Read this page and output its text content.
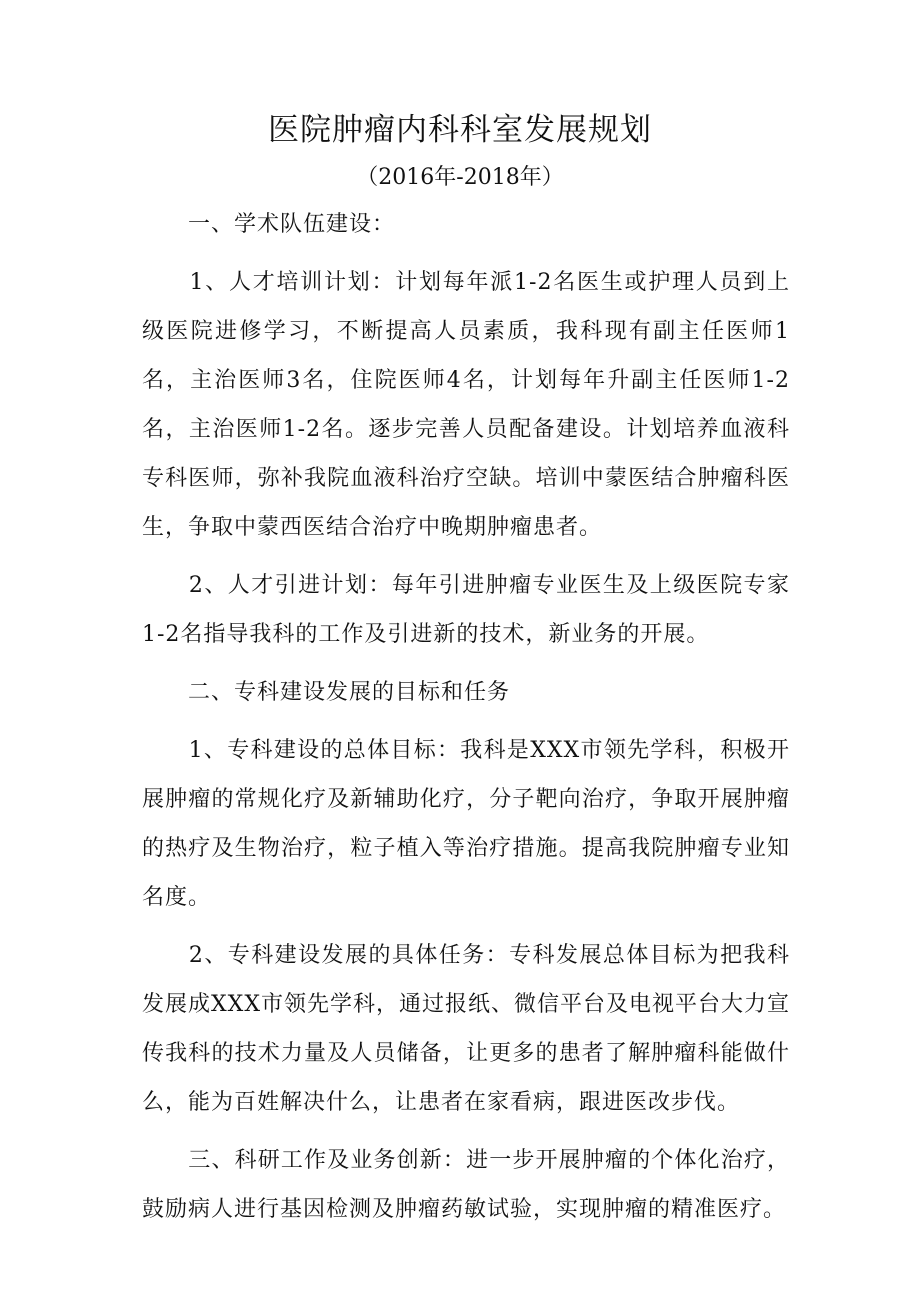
医院肿瘤内科科室发展规划
（2016年-2018年）

　　一、学术队伍建设：

　　1、人才培训计划：计划每年派1-2名医生或护理人员到上级医院进修学习，不断提高人员素质，我科现有副主任医师1名，主治医师3名，住院医师4名，计划每年升副主任医师1-2名，主治医师1-2名。逐步完善人员配备建设。计划培养血液科专科医师，弥补我院血液科治疗空缺。培训中蒙医结合肿瘤科医生，争取中蒙西医结合治疗中晚期肿瘤患者。

　　2、人才引进计划：每年引进肿瘤专业医生及上级医院专家1-2名指导我科的工作及引进新的技术，新业务的开展。

　　二、专科建设发展的目标和任务

　　1、专科建设的总体目标：我科是XXX市领先学科，积极开展肿瘤的常规化疗及新辅助化疗，分子靶向治疗，争取开展肿瘤的热疗及生物治疗，粒子植入等治疗措施。提高我院肿瘤专业知名度。

　　2、专科建设发展的具体任务：专科发展总体目标为把我科发展成XXX市领先学科，通过报纸、微信平台及电视平台大力宣传我科的技术力量及人员储备，让更多的患者了解肿瘤科能做什么，能为百姓解决什么，让患者在家看病，跟进医改步伐。

　　三、科研工作及业务创新：进一步开展肿瘤的个体化治疗，鼓励病人进行基因检测及肿瘤药敏试验，实现肿瘤的精准医疗。
